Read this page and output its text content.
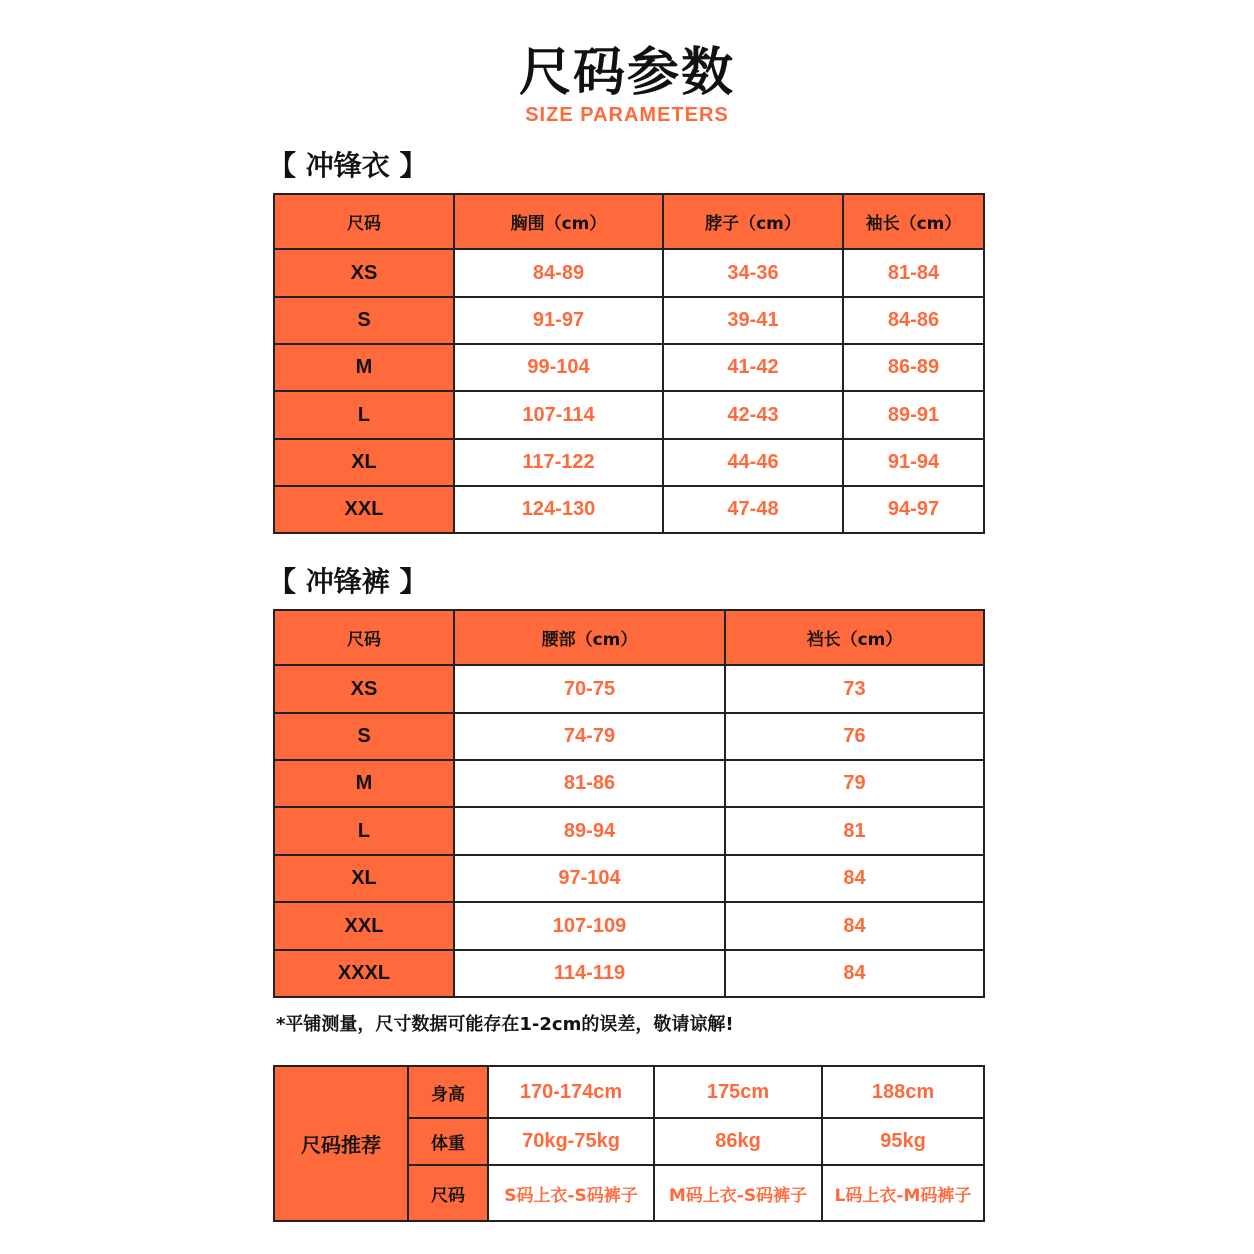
尺码参数
SIZE PARAMETERS
【 冲锋衣 】
尺码	胸围（cm）	脖子（cm）	袖长（cm）
XS	84-89	34-36	81-84
S	91-97	39-41	84-86
M	99-104	41-42	86-89
L	107-114	42-43	89-91
XL	117-122	44-46	91-94
XXL	124-130	47-48	94-97
【 冲锋裤 】
尺码	腰部（cm）	裆长（cm）
XS	70-75	73
S	74-79	76
M	81-86	79
L	89-94	81
XL	97-104	84
XXL	107-109	84
XXXL	114-119	84
*平铺测量，尺寸数据可能存在1-2cm的误差，敬请谅解!
尺码推荐	身高	170-174cm	175cm	188cm
	体重	70kg-75kg	86kg	95kg
	尺码	S码上衣-S码裤子	M码上衣-S码裤子	L码上衣-M码裤子
